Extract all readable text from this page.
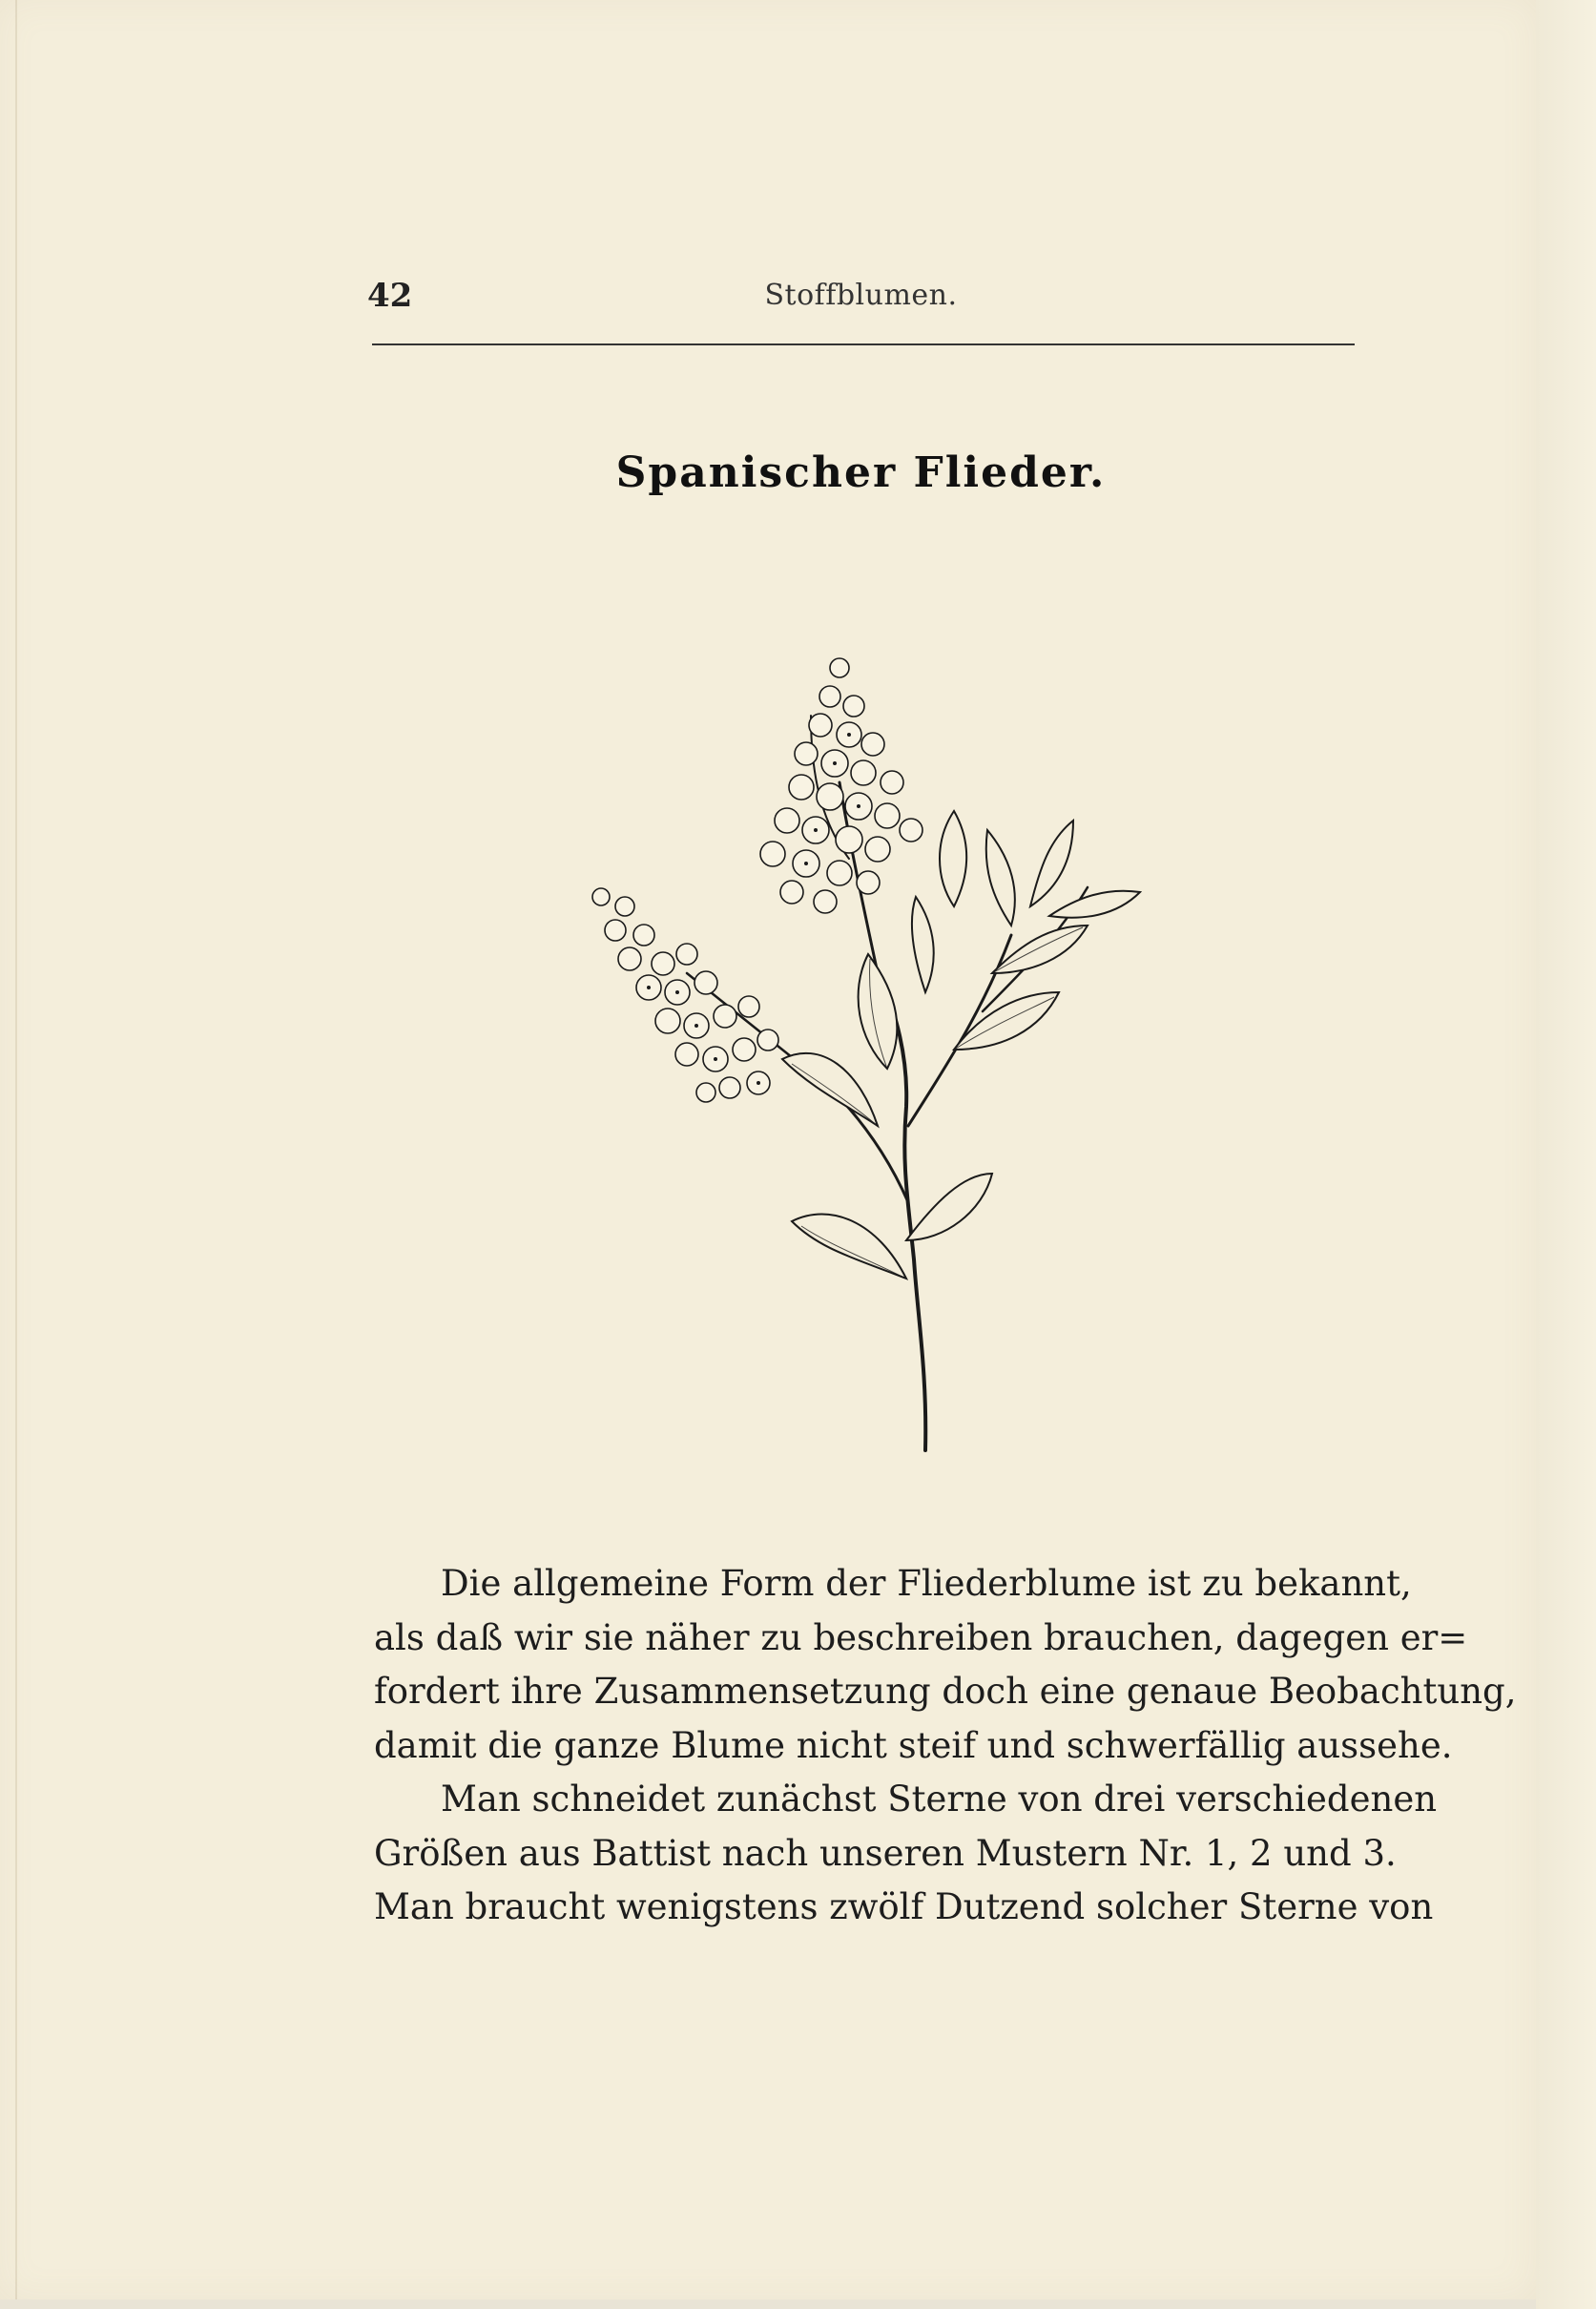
42	Stoffblumen.
Spanischer Flieder.
Die allgemeine Form der Fliederblume ist zu bekannt,
als daß wir sie näher zu beschreiben brauchen, dagegen er=
fordert ihre Zusammensetzung doch eine genaue Beobachtung,
damit die ganze Blume nicht steif und schwerfällig aussehe.
Man schneidet zunächst Sterne von drei verschiedenen
Größen aus Battist nach unseren Mustern Nr. 1, 2 und 3.
Man braucht wenigstens zwölf Dutzend solcher Sterne von
